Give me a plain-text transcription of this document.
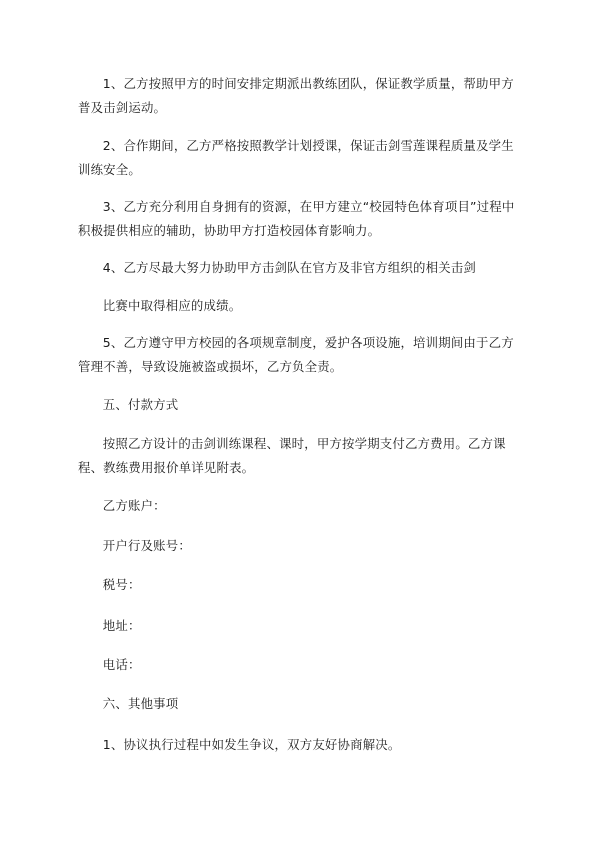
1、乙方按照甲方的时间安排定期派出教练团队，保证教学质量，帮助甲方普及击剑运动。

2、合作期间，乙方严格按照教学计划授课，保证击剑雪莲课程质量及学生训练安全。

3、乙方充分利用自身拥有的资源，在甲方建立“校园特色体育项目”过程中积极提供相应的辅助，协助甲方打造校园体育影响力。

4、乙方尽最大努力协助甲方击剑队在官方及非官方组织的相关击剑

比赛中取得相应的成绩。

5、乙方遵守甲方校园的各项规章制度，爱护各项设施，培训期间由于乙方管理不善，导致设施被盗或损坏，乙方负全责。

五、付款方式

按照乙方设计的击剑训练课程、课时，甲方按学期支付乙方费用。乙方课程、教练费用报价单详见附表。

乙方账户：

开户行及账号：

税号：

地址：

电话：

六、其他事项

1、协议执行过程中如发生争议，双方友好协商解决。
